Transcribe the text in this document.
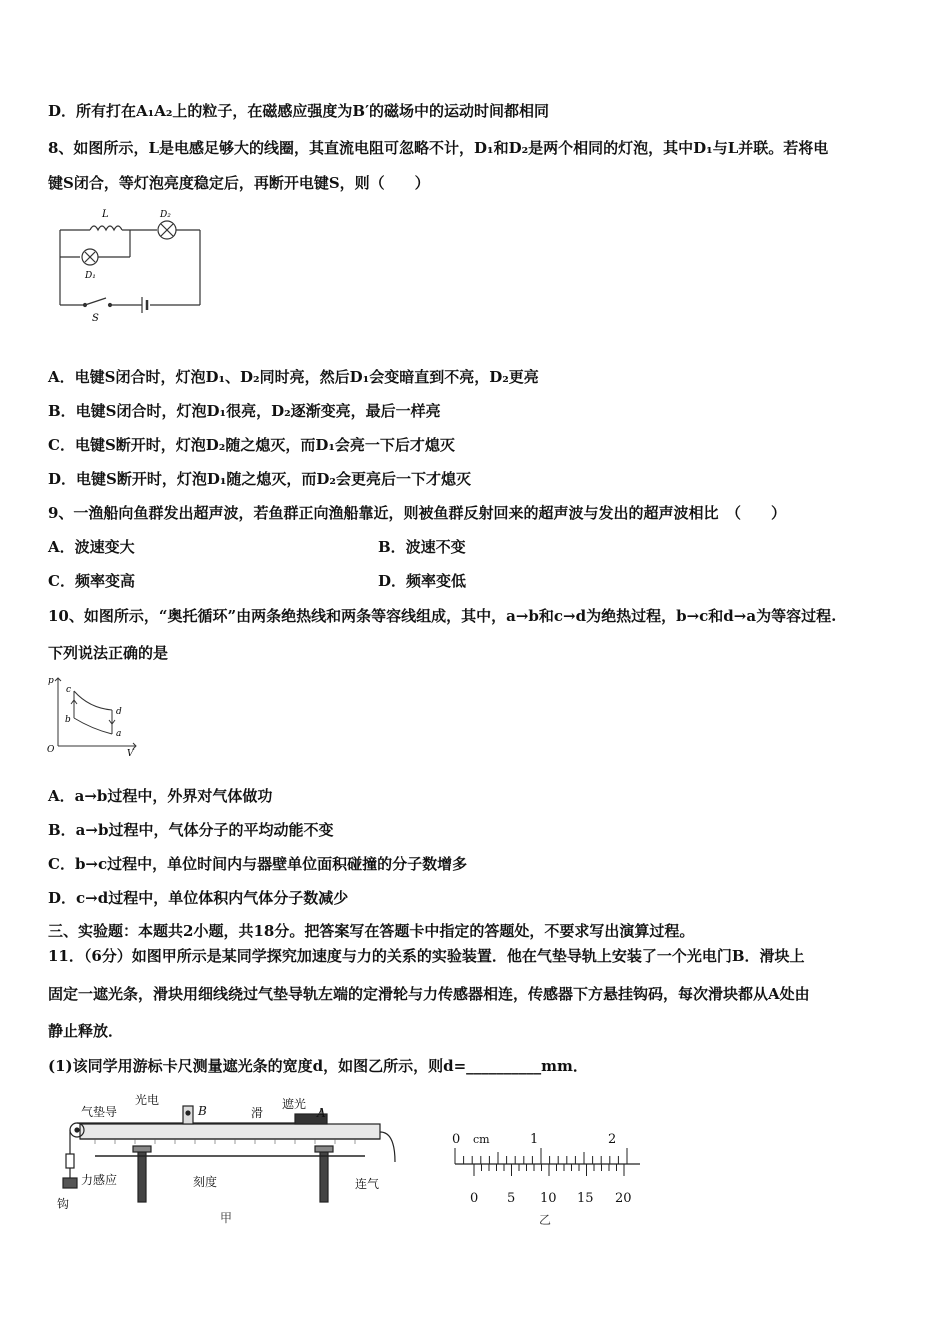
D．所有打在A₁A₂上的粒子，在磁感应强度为B′的磁场中的运动时间都相同
8、如图所示，L是电感足够大的线圈，其直流电阻可忽略不计，D₁和D₂是两个相同的灯泡，其中D₁与L并联。若将电
键S闭合，等灯泡亮度稳定后，再断开电键S，则（　　）
L	D₂
D₁
S
A．电键S闭合时，灯泡D₁、D₂同时亮，然后D₁会变暗直到不亮，D₂更亮
B．电键S闭合时，灯泡D₁很亮，D₂逐渐变亮，最后一样亮
C．电键S断开时，灯泡D₂随之熄灭，而D₁会亮一下后才熄灭
D．电键S断开时，灯泡D₁随之熄灭，而D₂会更亮后一下才熄灭
9、一渔船向鱼群发出超声波，若鱼群正向渔船靠近，则被鱼群反射回来的超声波与发出的超声波相比　（　　）
A．波速变大	B．波速不变
C．频率变高	D．频率变低
10、如图所示，“奥托循环”由两条绝热线和两条等容线组成，其中，a→b和c→d为绝热过程，b→c和d→a为等容过程.
下列说法正确的是
p
V
O
c
b
d
a
A．a→b过程中，外界对气体做功
B．a→b过程中，气体分子的平均动能不变
C．b→c过程中，单位时间内与器壁单位面积碰撞的分子数增多
D．c→d过程中，单位体积内气体分子数减少
三、实验题：本题共2小题，共18分。把答案写在答题卡中指定的答题处，不要求写出演算过程。
11．（6分）如图甲所示是某同学探究加速度与力的关系的实验装置．他在气垫导轨上安装了一个光电门B．滑块上
固定一遮光条，滑块用细线绕过气垫导轨左端的定滑轮与力传感器相连，传感器下方悬挂钩码，每次滑块都从A处由
静止释放．
(1)该同学用游标卡尺测量遮光条的宽度d，如图乙所示，则d=__________mm．
气垫导
光电
B	滑
遮光
A
力感应
钩
刻度	连气
甲
0 cm	1	2
0 5 10 15 20
乙
